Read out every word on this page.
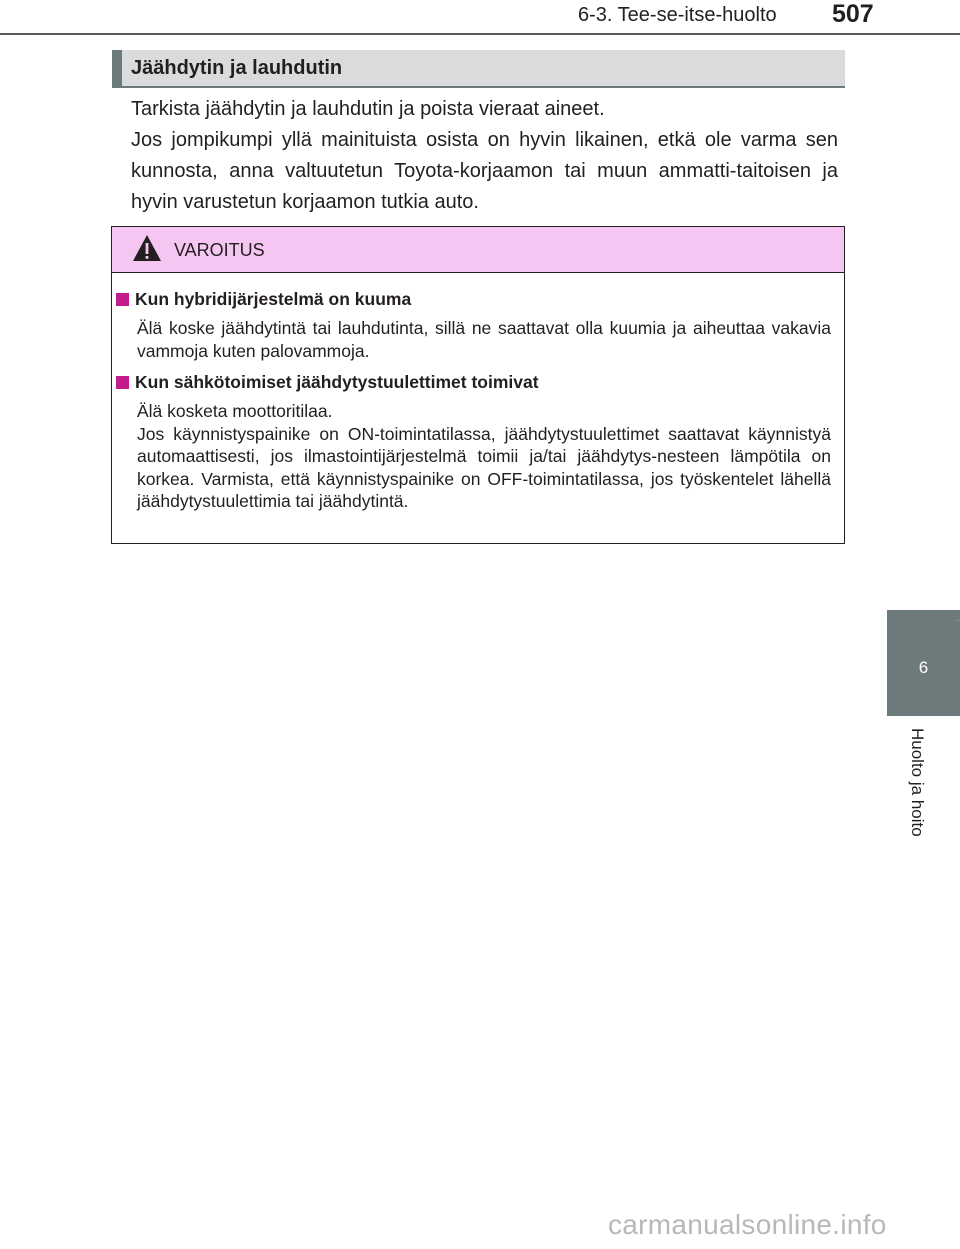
6-3. Tee-se-itse-huolto 507
6
Huolto ja hoito
Jäähdytin ja lauhdutin

Tarkista jäähdytin ja lauhdutin ja poista vieraat aineet.

Jos jompikumpi yllä mainituista osista on hyvin likainen, etkä ole varma sen kunnosta, anna valtuutetun Toyota-korjaamon tai muun ammatti-taitoisen ja hyvin varustetun korjaamon tutkia auto.

VAROITUS
Kun hybridijärjestelmä on kuuma

Älä koske jäähdytintä tai lauhdutinta, sillä ne saattavat olla kuumia ja aiheuttaa vakavia vammoja kuten palovammoja.

Kun sähkötoimiset jäähdytystuulettimet toimivat

Älä kosketa moottoritilaa.

Jos käynnistyspainike on ON-toimintatilassa, jäähdytystuulettimet saattavat käynnistyä automaattisesti, jos ilmastointijärjestelmä toimii ja/tai jäähdytys-nesteen lämpötila on korkea. Varmista, että käynnistyspainike on OFF-toimintatilassa, jos työskentelet lähellä jäähdytystuulettimia tai jäähdytintä.

carmanualsonline.info
